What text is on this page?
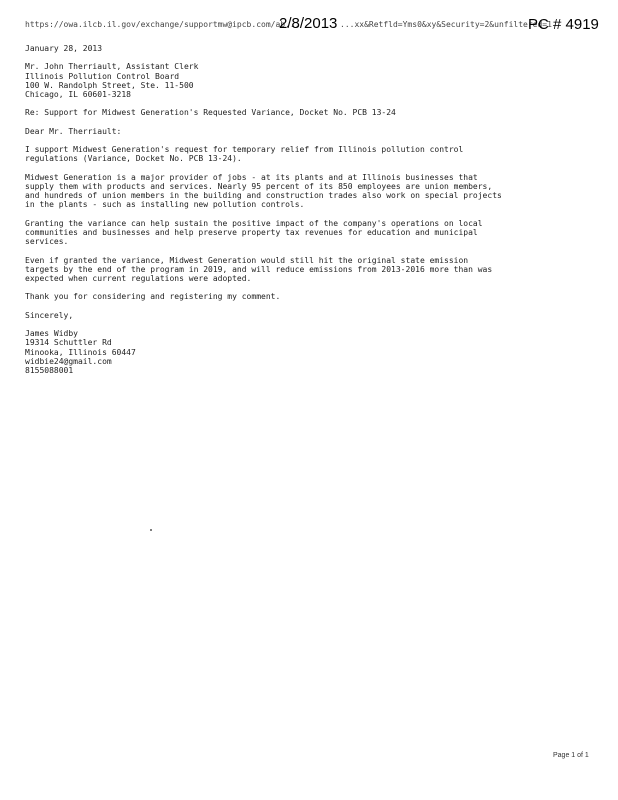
https://owa.ilcb.il.gov/exchange/supportmw@ipcb.com/ab...
2/8/2013 ...xx&Retfld=Yms0&xy&Security=2&unfiltered=1
PC # 4919
January 28, 2013
Mr. John Therriault, Assistant Clerk
Illinois Pollution Control Board
100 W. Randolph Street, Ste. 11-500
Chicago, IL 60601-3218
Re: Support for Midwest Generation's Requested Variance, Docket No. PCB 13-24
Dear Mr. Therriault:
I support Midwest Generation's request for temporary relief from Illinois pollution control
regulations (Variance, Docket No. PCB 13-24).
Midwest Generation is a major provider of jobs - at its plants and at Illinois businesses that
supply them with products and services. Nearly 95 percent of its 850 employees are union members,
and hundreds of union members in the building and construction trades also work on special projects
in the plants - such as installing new pollution controls.
Granting the variance can help sustain the positive impact of the company's operations on local
communities and businesses and help preserve property tax revenues for education and municipal
services.
Even if granted the variance, Midwest Generation would still hit the original state emission
targets by the end of the program in 2019, and will reduce emissions from 2013-2016 more than was
expected when current regulations were adopted.
Thank you for considering and registering my comment.
Sincerely,
James Widby
19314 Schuttler Rd
Minooka, Illinois 60447
widbie24@gmail.com
8155088001
Page 1 of 1
